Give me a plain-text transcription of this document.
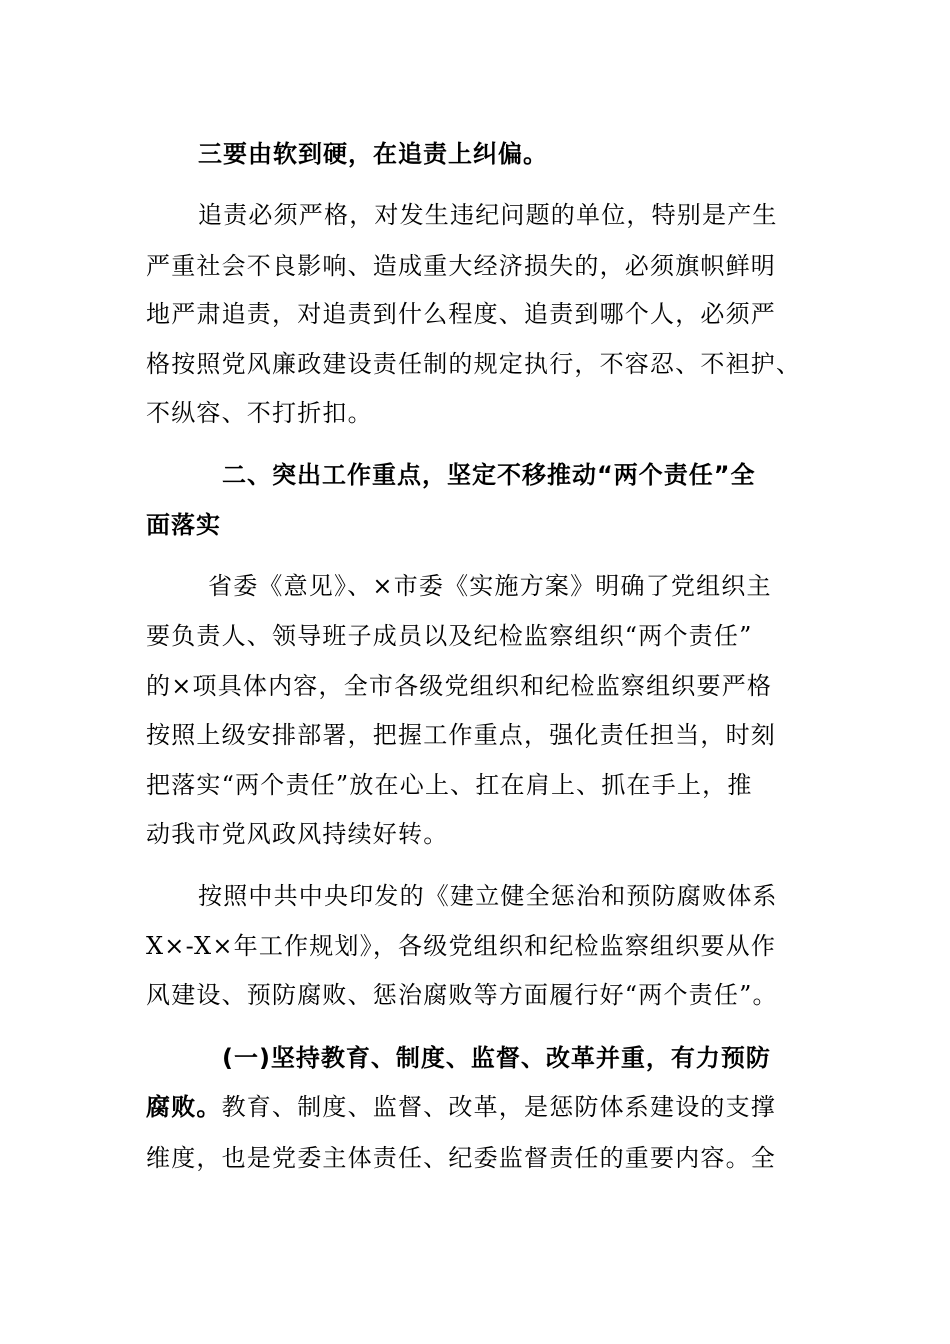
三要由软到硬，在追责上纠偏。
追责必须严格，对发生违纪问题的单位，特别是产生
严重社会不良影响、造成重大经济损失的，必须旗帜鲜明
地严肃追责，对追责到什么程度、追责到哪个人，必须严
格按照党风廉政建设责任制的规定执行，不容忍、不袒护、
不纵容、不打折扣。
二、突出工作重点，坚定不移推动“两个责任”全
面落实
省委《意见》、×市委《实施方案》明确了党组织主
要负责人、领导班子成员以及纪检监察组织“两个责任”
的×项具体内容，全市各级党组织和纪检监察组织要严格
按照上级安排部署，把握工作重点，强化责任担当，时刻
把落实“两个责任”放在心上、扛在肩上、抓在手上，推
动我市党风政风持续好转。
按照中共中央印发的《建立健全惩治和预防腐败体系
X×-X×年工作规划》，各级党组织和纪检监察组织要从作
风建设、预防腐败、惩治腐败等方面履行好“两个责任”。
(一)坚持教育、制度、监督、改革并重，有力预防
腐败。教育、制度、监督、改革，是惩防体系建设的支撑
维度，也是党委主体责任、纪委监督责任的重要内容。全
